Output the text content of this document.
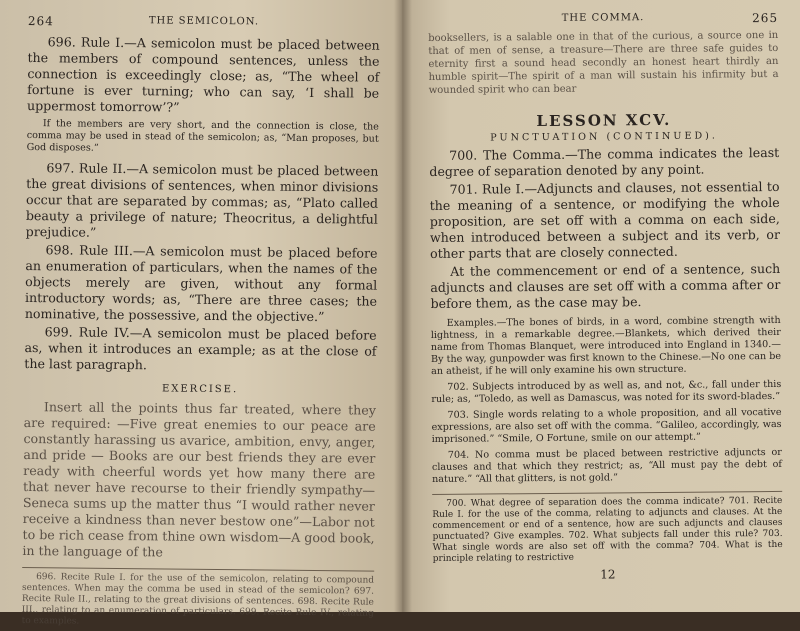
264	THE SEMICOLON.

696. Rule I.—A semicolon must be placed between the members of compound sentences, unless the connection is exceedingly close; as, “The wheel of fortune is ever turning; who can say, ‘I shall be uppermost tomorrow’?”

If the members are very short, and the connection is close, the comma may be used in stead of the semicolon; as, “Man proposes, but God disposes.”

697. Rule II.—A semicolon must be placed between the great divisions of sentences, when minor divisions occur that are separated by commas; as, “Plato called beauty a privilege of nature; Theocritus, a delightful prejudice.”

698. Rule III.—A semicolon must be placed before an enumeration of particulars, when the names of the objects merely are given, without any formal introductory words; as, “There are three cases; the nominative, the possessive, and the objective.”

699. Rule IV.—A semicolon must be placed before as, when it introduces an example; as at the close of the last paragraph.

EXERCISE.

Insert all the points thus far treated, where they are required: —Five great enemies to our peace are constantly harassing us avarice, ambition, envy, anger, and pride — Books are our best friends they are ever ready with cheerful words yet how many there are that never have recourse to their friendly sympathy— Seneca sums up the matter thus “I would rather never receive a kindness than never bestow one”—Labor not to be rich cease from thine own wisdom—A good book, in the language of the

696. Recite Rule I. for the use of the semicolon, relating to compound sentences. When may the comma be used in stead of the semicolon? 697. Recite Rule II., relating to the great divisions of sentences. 698. Recite Rule III., relating to an enumeration of particulars. 699. Recite Rule IV., relating to examples.

THE COMMA.	265

booksellers, is a salable one in that of the curious, a source one in that of men of sense, a treasure—There are three safe guides to eternity first a sound head secondly an honest heart thirdly an humble spirit—The spirit of a man will sustain his infirmity but a wounded spirit who can bear

LESSON XCV.
PUNCTUATION (CONTINUED).

700. The Comma.—The comma indicates the least degree of separation denoted by any point.

701. Rule I.—Adjuncts and clauses, not essential to the meaning of a sentence, or modifying the whole proposition, are set off with a comma on each side, when introduced between a subject and its verb, or other parts that are closely connected.

At the commencement or end of a sentence, such adjuncts and clauses are set off with a comma after or before them, as the case may be.

Examples.—The bones of birds, in a word, combine strength with lightness, in a remarkable degree.—Blankets, which derived their name from Thomas Blanquet, were introduced into England in 1340.—By the way, gunpowder was first known to the Chinese.—No one can be an atheist, if he will only examine his own structure.

702. Subjects introduced by as well as, and not, &c., fall under this rule; as, “Toledo, as well as Damascus, was noted for its sword-blades.”

703. Single words relating to a whole proposition, and all vocative expressions, are also set off with the comma. “Galileo, accordingly, was imprisoned.” “Smile, O Fortune, smile on our attempt.”

704. No comma must be placed between restrictive adjuncts or clauses and that which they restrict; as, “All must pay the debt of nature.” “All that glitters, is not gold.”

700. What degree of separation does the comma indicate? 701. Recite Rule I. for the use of the comma, relating to adjuncts and clauses. At the commencement or end of a sentence, how are such adjuncts and clauses punctuated? Give examples. 702. What subjects fall under this rule? 703. What single words are also set off with the comma? 704. What is the principle relating to restrictive

12
